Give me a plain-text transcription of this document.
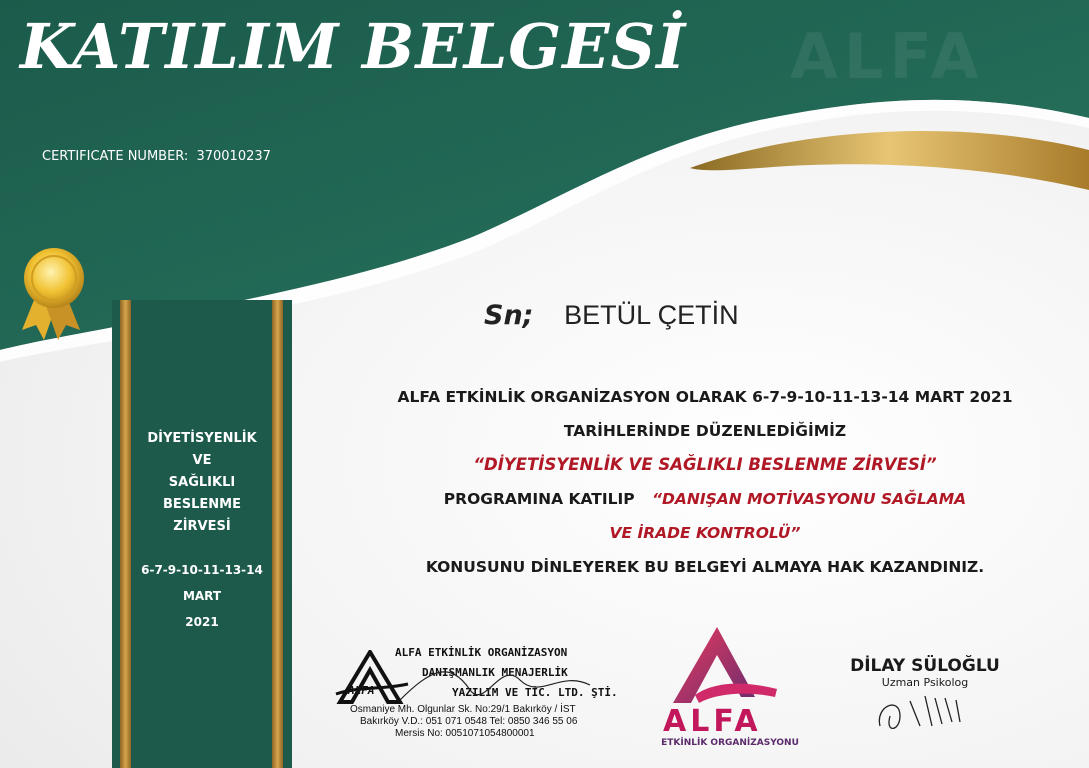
KATILIM BELGESİ ALFA
CERTIFICATE NUMBER: 370010237
DİYETİSYENLİK
VE
SAĞLIKLI
BESLENME
ZİRVESİ
6-7-9-10-11-13-14
MART
2021
Sn; BETÜL ÇETİN
ALFA ETKİNLİK ORGANİZASYON OLARAK 6-7-9-10-11-13-14 MART 2021
TARİHLERİNDE DÜZENLEDİĞİMİZ
“DİYETİSYENLİK VE SAĞLIKLI BESLENME ZİRVESİ”
PROGRAMINA KATILIP “DANIŞAN MOTİVASYONU SAĞLAMA
VE İRADE KONTROLÜ”
KONUSUNU DİNLEYEREK BU BELGEYİ ALMAYA HAK KAZANDINIZ.
ALFA ETKİNLİK ORGANİZASYON
DANIŞMANLIK MENAJERLİK
ALFA	YAZILIM VE TİC. LTD. ŞTİ.
Osmaniye Mh. Olgunlar Sk. No:29/1 Bakırköy / İST
Bakırköy V.D.: 051 071 0548 Tel: 0850 346 55 06
Mersis No: 0051071054800001	ALFA
ETKİNLİK ORGANİZASYONU
DİLAY SÜLOĞLU
Uzman Psikolog
